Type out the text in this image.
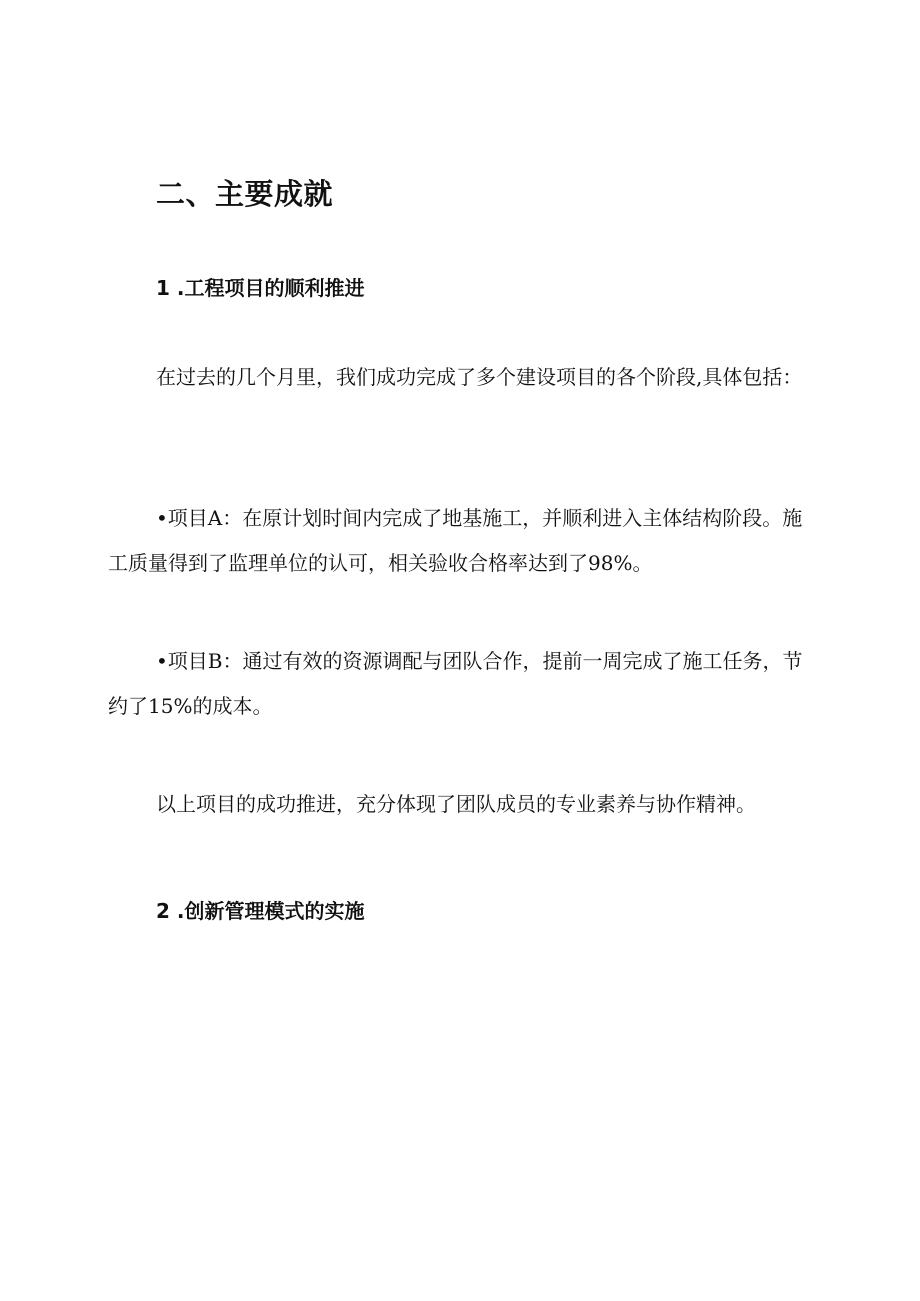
二、主要成就
1 .工程项目的顺利推进

在过去的几个月里，我们成功完成了多个建设项目的各个阶段,具体包括：

•项目A：在原计划时间内完成了地基施工，并顺利进入主体结构阶段。施工质量得到了监理单位的认可，相关验收合格率达到了98%。

•项目B：通过有效的资源调配与团队合作，提前一周完成了施工任务，节约了15%的成本。

以上项目的成功推进，充分体现了团队成员的专业素养与协作精神。

2 .创新管理模式的实施
